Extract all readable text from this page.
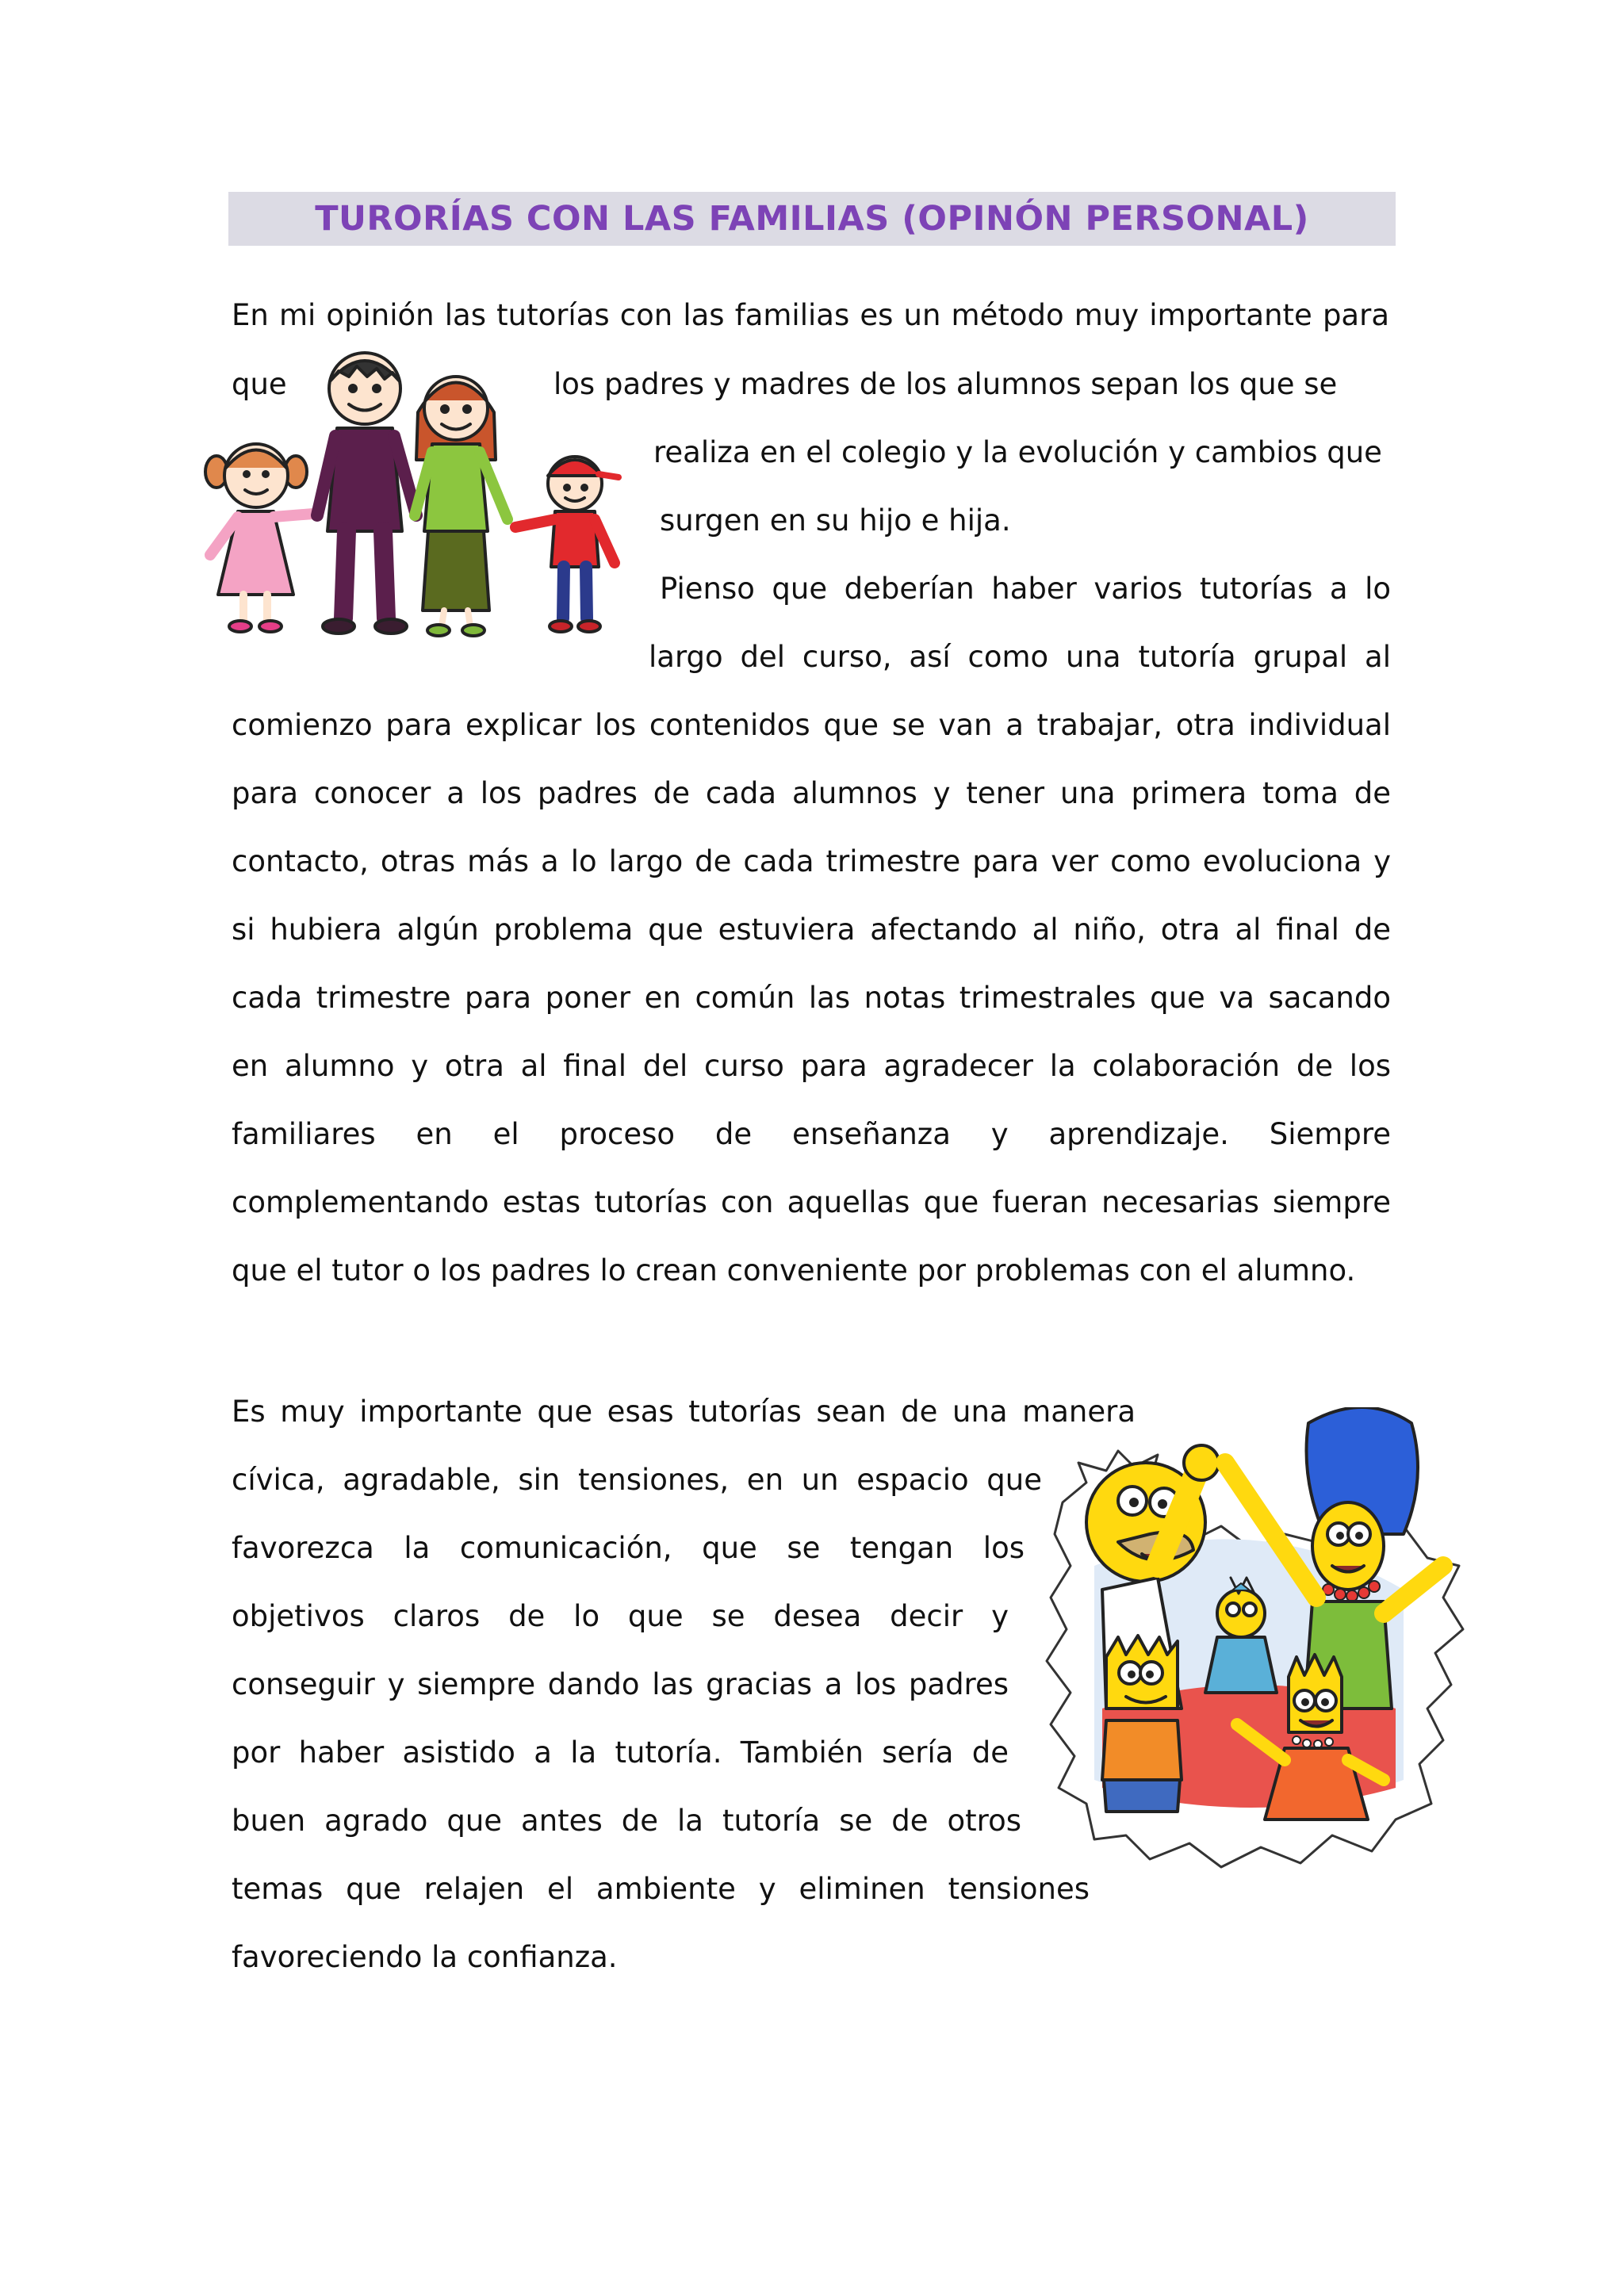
TURORÍAS CON LAS FAMILIAS (OPINÓN PERSONAL)

En mi opinión las tutorías con las familias es un método muy importante para

que	los padres y madres de los alumnos sepan los que se

realiza en el colegio y la evolución y cambios que

surgen en su hijo e hija.

Pienso que deberían haber varios tutorías a lo

largo del curso, así como una tutoría grupal al

comienzo para explicar los contenidos que se van a trabajar, otra individual

para conocer a los padres de cada alumnos y tener una primera toma de

contacto, otras más a lo largo de cada trimestre para ver como evoluciona y

si hubiera algún problema que estuviera afectando al niño, otra al final de

cada trimestre para poner en común las notas trimestrales que va sacando

en alumno y otra al final del curso para agradecer la colaboración de los

familiares en el proceso de enseñanza y aprendizaje. Siempre

complementando estas tutorías con aquellas que fueran necesarias siempre

que el tutor o los padres lo crean conveniente por problemas con el alumno.

Es muy importante que esas tutorías sean de una manera

cívica, agradable, sin tensiones, en un espacio que

favorezca la comunicación, que se tengan los

objetivos claros de lo que se desea decir y

conseguir y siempre dando las gracias a los padres

por haber asistido a la tutoría. También sería de

buen agrado que antes de la tutoría se de otros

temas que relajen el ambiente y eliminen tensiones

favoreciendo la confianza.
